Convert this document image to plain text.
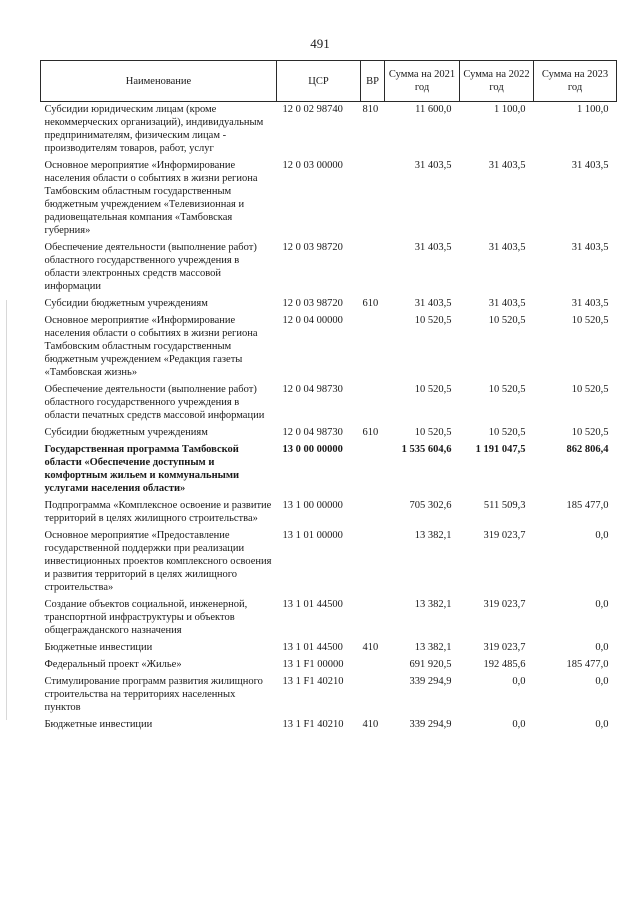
491
Наименование	ЦСР	ВР	Сумма на 2021 год	Сумма на 2022 год	Сумма на 2023 год
Субсидии юридическим лицам (кроме некоммерческих организаций), индивидуальным предпринимателям, физическим лицам - производителям товаров, работ, услуг	12 0 02 98740	810	11 600,0	1 100,0	1 100,0
Основное мероприятие «Информирование населения области о событиях в жизни региона Тамбовским областным государственным бюджетным учреждением «Телевизионная и радиовещательная компания «Тамбовская губерния»	12 0 03 00000		31 403,5	31 403,5	31 403,5
Обеспечение деятельности (выполнение работ) областного государственного учреждения в области электронных средств массовой информации	12 0 03 98720		31 403,5	31 403,5	31 403,5
Субсидии бюджетным учреждениям	12 0 03 98720	610	31 403,5	31 403,5	31 403,5
Основное мероприятие «Информирование населения области о событиях в жизни региона Тамбовским областным государственным бюджетным учреждением «Редакция газеты «Тамбовская жизнь»	12 0 04 00000		10 520,5	10 520,5	10 520,5
Обеспечение деятельности (выполнение работ) областного государственного учреждения в области печатных средств массовой информации	12 0 04 98730		10 520,5	10 520,5	10 520,5
Субсидии бюджетным учреждениям	12 0 04 98730	610	10 520,5	10 520,5	10 520,5
Государственная программа Тамбовской области «Обеспечение доступным и комфортным жильем и коммунальными услугами населения области»	13 0 00 00000		1 535 604,6	1 191 047,5	862 806,4
Подпрограмма «Комплексное освоение и развитие территорий в целях жилищного строительства»	13 1 00 00000		705 302,6	511 509,3	185 477,0
Основное мероприятие «Предоставление государственной поддержки при реализации инвестиционных проектов комплексного освоения и развития территорий в целях жилищного строительства»	13 1 01 00000		13 382,1	319 023,7	0,0
Создание объектов социальной, инженерной, транспортной инфраструктуры и объектов общегражданского назначения	13 1 01 44500		13 382,1	319 023,7	0,0
Бюджетные инвестиции	13 1 01 44500	410	13 382,1	319 023,7	0,0
Федеральный проект «Жилье»	13 1 F1 00000		691 920,5	192 485,6	185 477,0
Стимулирование программ развития жилищного строительства на территориях населенных пунктов	13 1 F1 40210		339 294,9	0,0	0,0
Бюджетные инвестиции	13 1 F1 40210	410	339 294,9	0,0	0,0
